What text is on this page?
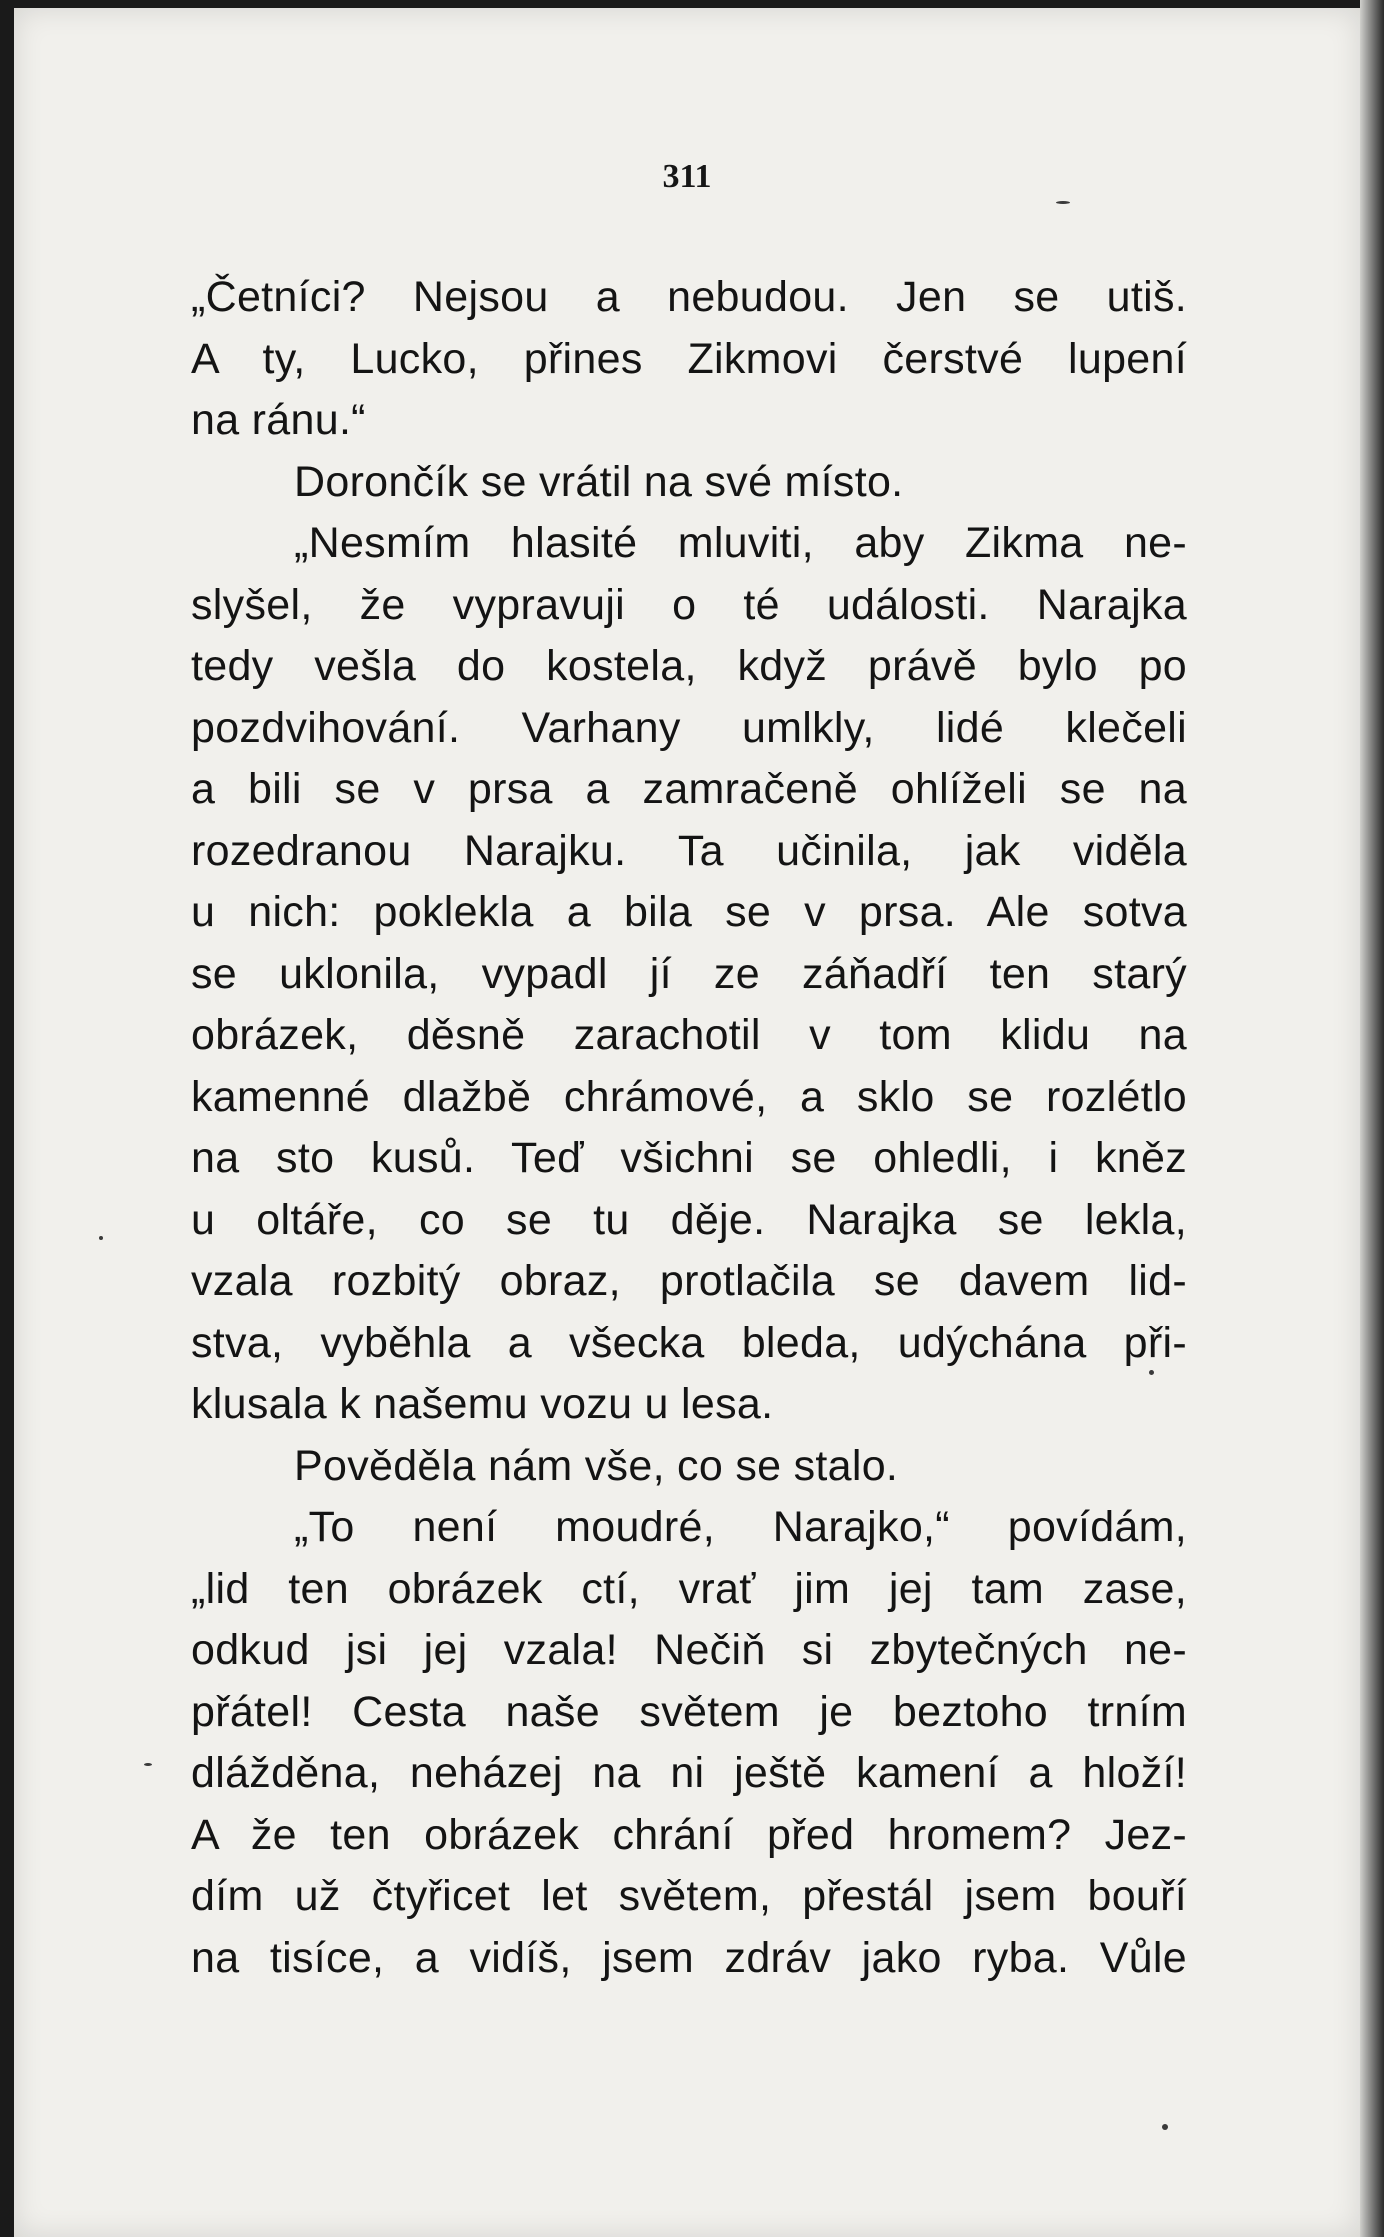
311
„Četníci? Nejsou a nebudou. Jen se utiš.
A ty, Lucko, přines Zikmovi čerstvé lupení
na ránu.“
Dorončík se vrátil na své místo.
„Nesmím hlasité mluviti, aby Zikma ne-
slyšel, že vypravuji o té události. Narajka
tedy vešla do kostela, když právě bylo po
pozdvihování. Varhany umlkly, lidé klečeli
a bili se v prsa a zamračeně ohlíželi se na
rozedranou Narajku. Ta učinila, jak viděla
u nich: poklekla a bila se v prsa. Ale sotva
se uklonila, vypadl jí ze záňadří ten starý
obrázek, děsně zarachotil v tom klidu na
kamenné dlažbě chrámové, a sklo se rozlétlo
na sto kusů. Teď všichni se ohledli, i kněz
u oltáře, co se tu děje. Narajka se lekla,
vzala rozbitý obraz, protlačila se davem lid-
stva, vyběhla a všecka bleda, udýchána při-
klusala k našemu vozu u lesa.
Pověděla nám vše, co se stalo.
„To není moudré, Narajko,“ povídám,
„lid ten obrázek ctí, vrať jim jej tam zase,
odkud jsi jej vzala! Nečiň si zbytečných ne-
přátel! Cesta naše světem je beztoho trním
dlážděna, neházej na ni ještě kamení a hloží!
A že ten obrázek chrání před hromem? Jez-
dím už čtyřicet let světem, přestál jsem bouří
na tisíce, a vidíš, jsem zdráv jako ryba. Vůle
